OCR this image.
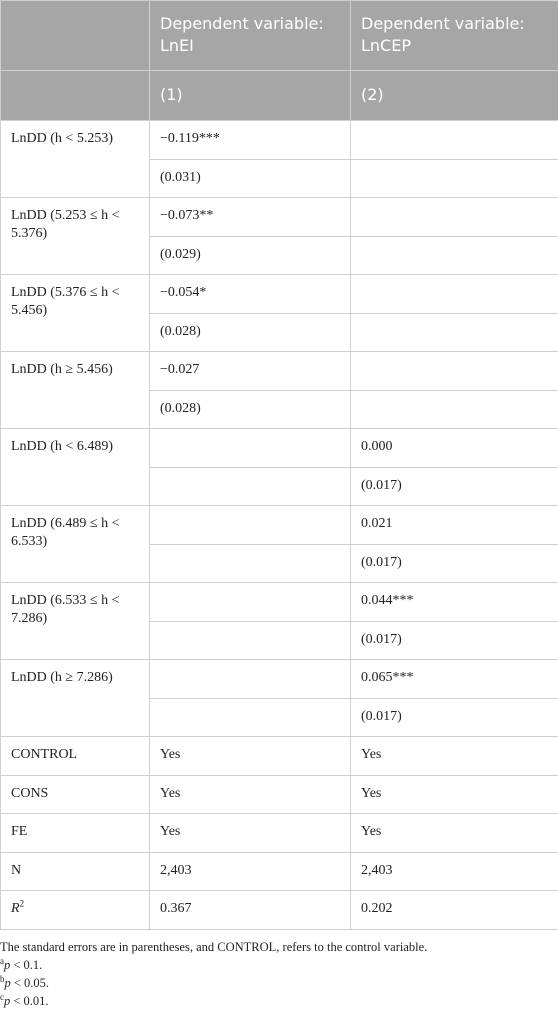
	Dependent variable: LnEI	Dependent variable: LnCEP
	(1)	(2)
LnDD (h < 5.253)	−0.119***	
	(0.031)	
LnDD (5.253 ≤ h < 5.376)	−0.073**	
	(0.029)	
LnDD (5.376 ≤ h < 5.456)	−0.054*	
	(0.028)	
LnDD (h ≥ 5.456)	−0.027	
	(0.028)	
LnDD (h < 6.489)		0.000
		(0.017)
LnDD (6.489 ≤ h < 6.533)		0.021
		(0.017)
LnDD (6.533 ≤ h < 7.286)		0.044***
		(0.017)
LnDD (h ≥ 7.286)		0.065***
		(0.017)
CONTROL	Yes	Yes
CONS	Yes	Yes
FE	Yes	Yes
N	2,403	2,403
$R^2$	0.367	0.202
The standard errors are in parentheses, and CONTROL, refers to the control variable.
$^a$p < 0.1.
$^b$p < 0.05.
$^c$p < 0.01.
